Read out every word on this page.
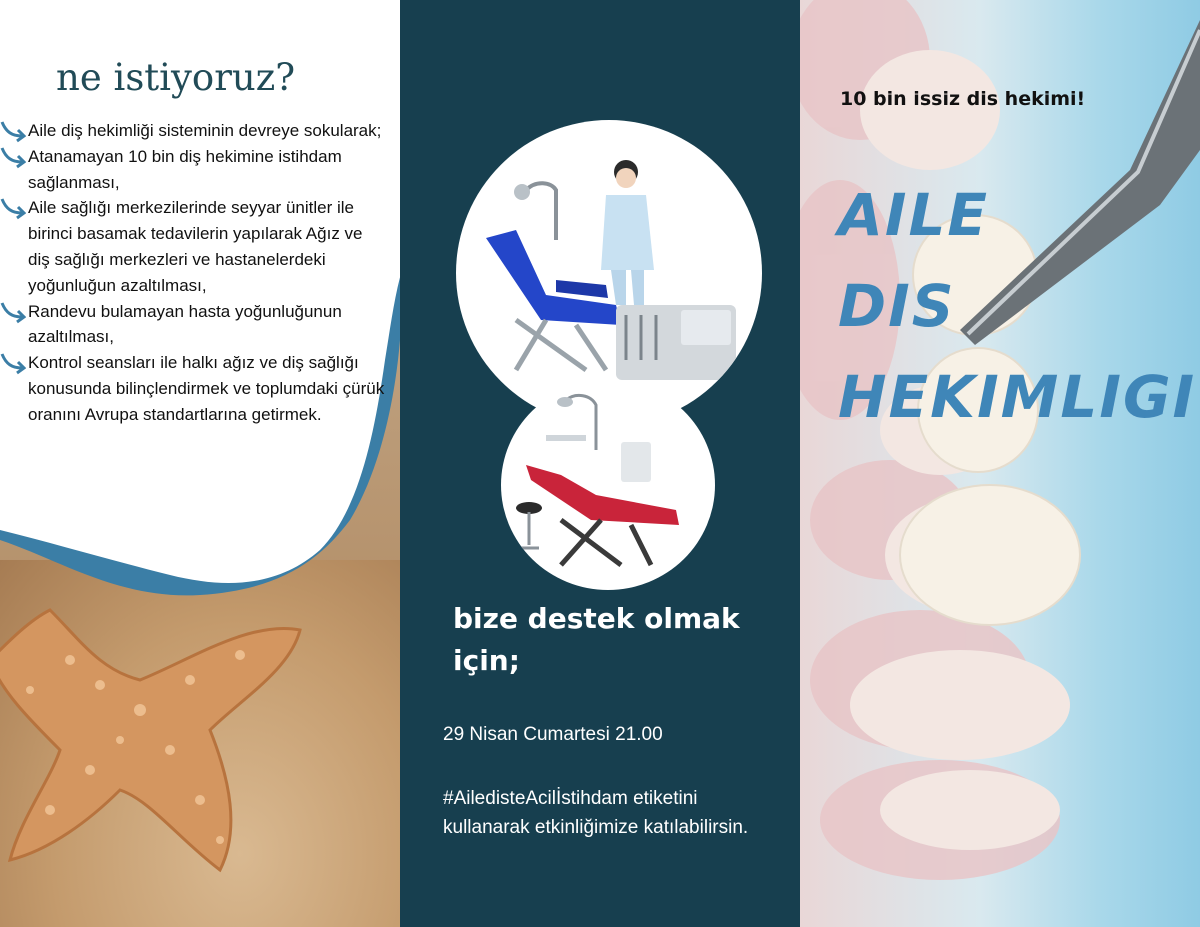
ne istiyoruz?
Aile diş hekimliği sisteminin devreye sokularak;
Atanamayan 10 bin diş hekimine istihdam sağlanması,
Aile sağlığı merkezilerinde seyyar ünitler ile birinci basamak tedavilerin yapılarak Ağız ve diş sağlığı merkezleri ve hastanelerdeki yoğunluğun azaltılması,
Randevu bulamayan hasta yoğunluğunun azaltılması,
Kontrol seansları ile halkı ağız ve diş sağlığı konusunda bilinçlendirmek ve toplumdaki çürük oranını Avrupa standartlarına getirmek.
bize destek olmak için;

29 Nisan Cumartesi 21.00

#AiledisteAcilİstihdam etiketini kullanarak etkinliğimize katılabilirsin.

10 bin issiz dis hekimi!

AILE
DIS
HEKIMLIGI
